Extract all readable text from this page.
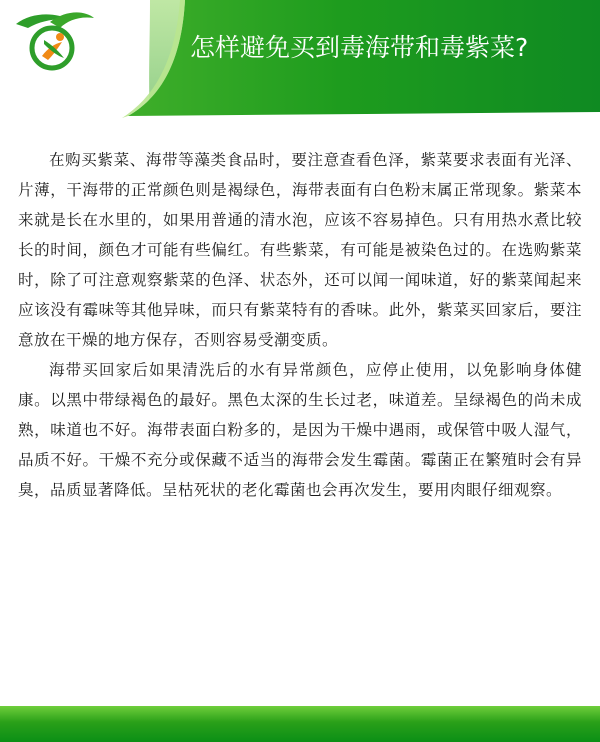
怎样避免买到毒海带和毒紫菜?

在购买紫菜、海带等藻类食品时，要注意查看色泽，紫菜要求表面有光泽、片薄，干海带的正常颜色则是褐绿色，海带表面有白色粉末属正常现象。紫菜本来就是长在水里的，如果用普通的清水泡，应该不容易掉色。只有用热水煮比较长的时间，颜色才可能有些偏红。有些紫菜，有可能是被染色过的。在选购紫菜时，除了可注意观察紫菜的色泽、状态外，还可以闻一闻味道，好的紫菜闻起来应该没有霉味等其他异味，而只有紫菜特有的香味。此外，紫菜买回家后，要注意放在干燥的地方保存，否则容易受潮变质。

海带买回家后如果清洗后的水有异常颜色，应停止使用，以免影响身体健康。以黑中带绿褐色的最好。黑色太深的生长过老，味道差。呈绿褐色的尚未成熟，味道也不好。海带表面白粉多的，是因为干燥中遇雨，或保管中吸人湿气，品质不好。干燥不充分或保藏不适当的海带会发生霉菌。霉菌正在繁殖时会有异臭，品质显著降低。呈枯死状的老化霉菌也会再次发生，要用肉眼仔细观察。
